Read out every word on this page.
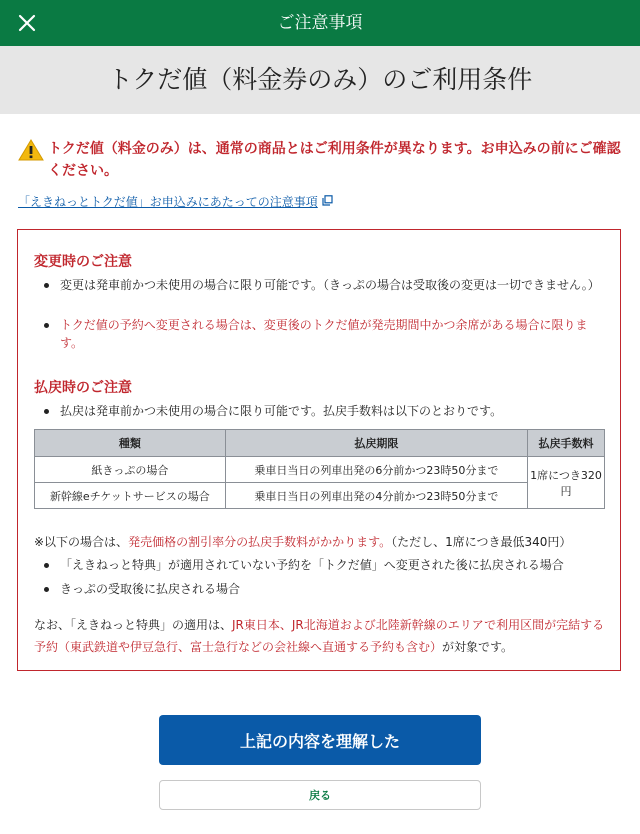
ご注意事項
トクだ値（料金券のみ）のご利用条件
トクだ値（料金のみ）は、通常の商品とはご利用条件が異なります。お申込みの前にご確認ください。
「えきねっとトクだ値」お申込みにあたっての注意事項
変更時のご注意
変更は発車前かつ未使用の場合に限り可能です。（きっぷの場合は受取後の変更は一切できません。）
トクだ値の予約へ変更される場合は、変更後のトクだ値が発売期間中かつ余席がある場合に限ります。
払戻時のご注意
払戻は発車前かつ未使用の場合に限り可能です。払戻手数料は以下のとおりです。
種類	払戻期限	払戻手数料
紙きっぷの場合	乗車日当日の列車出発の6分前かつ23時50分まで	1席につき320円
新幹線eチケットサービスの場合	乗車日当日の列車出発の4分前かつ23時50分まで	
※以下の場合は、発売価格の割引率分の払戻手数料がかかります。（ただし、1席につき最低340円）
「えきねっと特典」が適用されていない予約を「トクだ値」へ変更された後に払戻される場合
きっぷの受取後に払戻される場合
なお、「えきねっと特典」の適用は、JR東日本、JR北海道および北陸新幹線のエリアで利用区間が完結する予約（東武鉄道や伊豆急行、富士急行などの会社線へ直通する予約も含む）が対象です。
上記の内容を理解した
戻る
